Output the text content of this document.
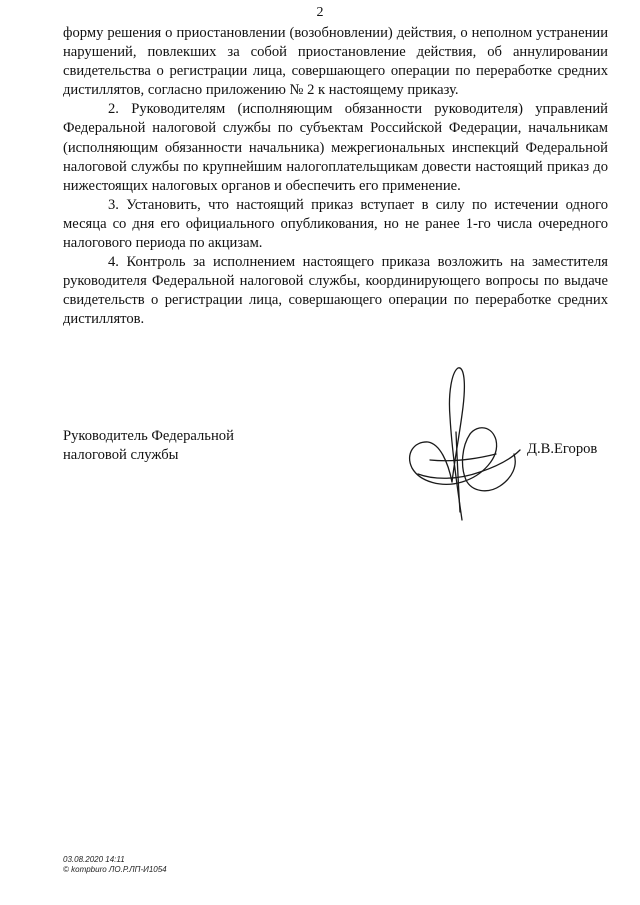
2

форму решения о приостановлении (возобновлении) действия, о неполном устранении нарушений, повлекших за собой приостановление действия, об аннулировании свидетельства о регистрации лица, совершающего операции по переработке средних дистиллятов, согласно приложению № 2 к настоящему приказу.

2. Руководителям (исполняющим обязанности руководителя) управлений Федеральной налоговой службы по субъектам Российской Федерации, начальникам (исполняющим обязанности начальника) межрегиональных инспекций Федеральной налоговой службы по крупнейшим налогоплательщикам довести настоящий приказ до нижестоящих налоговых органов и обеспечить его применение.

3. Установить, что настоящий приказ вступает в силу по истечении одного месяца со дня его официального опубликования, но не ранее 1-го числа очередного налогового периода по акцизам.

4. Контроль за исполнением настоящего приказа возложить на заместителя руководителя Федеральной налоговой службы, координирующего вопросы по выдаче свидетельств о регистрации лица, совершающего операции по переработке средних дистиллятов.

Руководитель Федеральной
налоговой службы	Д.В.Егоров
03.08.2020 14:11
© kompburo ЛО.Р.ЛП-И1054
